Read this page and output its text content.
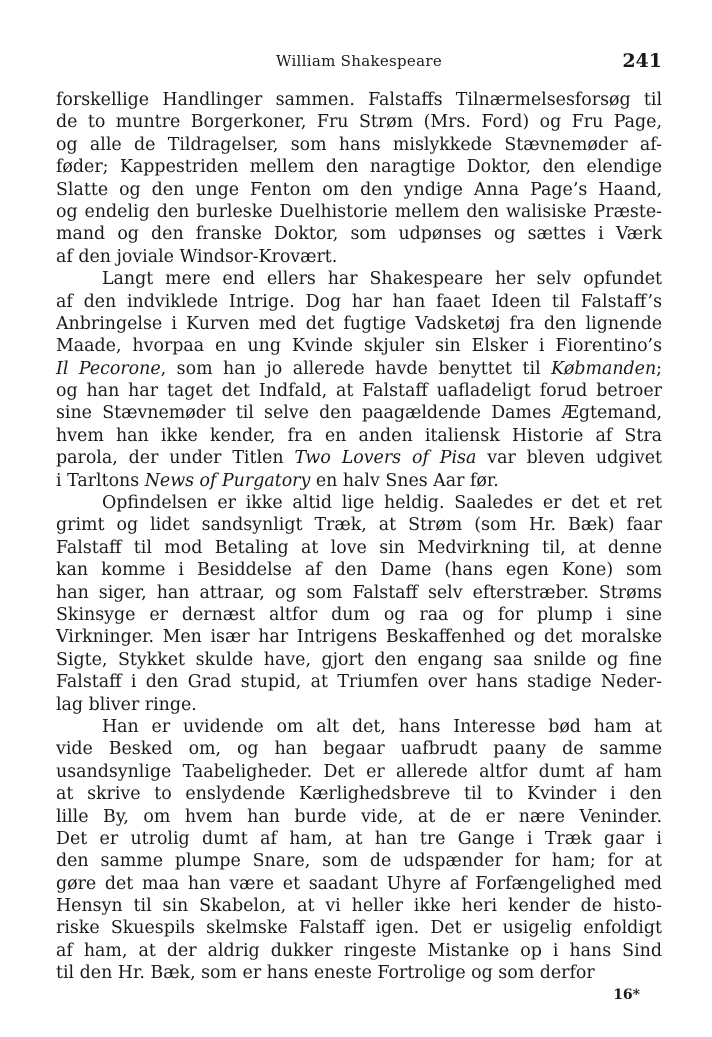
William Shakespeare	241
forskellige Handlinger sammen. Falstaffs Tilnærmelsesforsøg til
de to muntre Borgerkoner, Fru Strøm (Mrs. Ford) og Fru Page,
og alle de Tildragelser, som hans mislykkede Stævnemøder af-
føder; Kappestriden mellem den naragtige Doktor, den elendige
Slatte og den unge Fenton om den yndige Anna Page’s Haand,
og endelig den burleske Duelhistorie mellem den walisiske Præste-
mand og den franske Doktor, som udpønses og sættes i Værk
af den joviale Windsor-Krovært.
Langt mere end ellers har Shakespeare her selv opfundet
af den indviklede Intrige. Dog har han faaet Ideen til Falstaff’s
Anbringelse i Kurven med det fugtige Vadsketøj fra den lignende
Maade, hvorpaa en ung Kvinde skjuler sin Elsker i Fiorentino’s
Il Pecorone, som han jo allerede havde benyttet til Købmanden;
og han har taget det Indfald, at Falstaff uafladeligt forud betroer
sine Stævnemøder til selve den paagældende Dames Ægtemand,
hvem han ikke kender, fra en anden italiensk Historie af Stra
parola, der under Titlen Two Lovers of Pisa var bleven udgivet
i Tarltons News of Purgatory en halv Snes Aar før.
Opfindelsen er ikke altid lige heldig. Saaledes er det et ret
grimt og lidet sandsynligt Træk, at Strøm (som Hr. Bæk) faar
Falstaff til mod Betaling at love sin Medvirkning til, at denne
kan komme i Besiddelse af den Dame (hans egen Kone) som
han siger, han attraar, og som Falstaff selv efterstræber. Strøms
Skinsyge er dernæst altfor dum og raa og for plump i sine
Virkninger. Men især har Intrigens Beskaffenhed og det moralske
Sigte, Stykket skulde have, gjort den engang saa snilde og fine
Falstaff i den Grad stupid, at Triumfen over hans stadige Neder-
lag bliver ringe.
Han er uvidende om alt det, hans Interesse bød ham at
vide Besked om, og han begaar uafbrudt paany de samme
usandsynlige Taabeligheder. Det er allerede altfor dumt af ham
at skrive to enslydende Kærlighedsbreve til to Kvinder i den
lille By, om hvem han burde vide, at de er nære Veninder.
Det er utrolig dumt af ham, at han tre Gange i Træk gaar i
den samme plumpe Snare, som de udspænder for ham; for at
gøre det maa han være et saadant Uhyre af Forfængelighed med
Hensyn til sin Skabelon, at vi heller ikke heri kender de histo-
riske Skuespils skelmske Falstaff igen. Det er usigelig enfoldigt
af ham, at der aldrig dukker ringeste Mistanke op i hans Sind
til den Hr. Bæk, som er hans eneste Fortrolige og som derfor
16*
